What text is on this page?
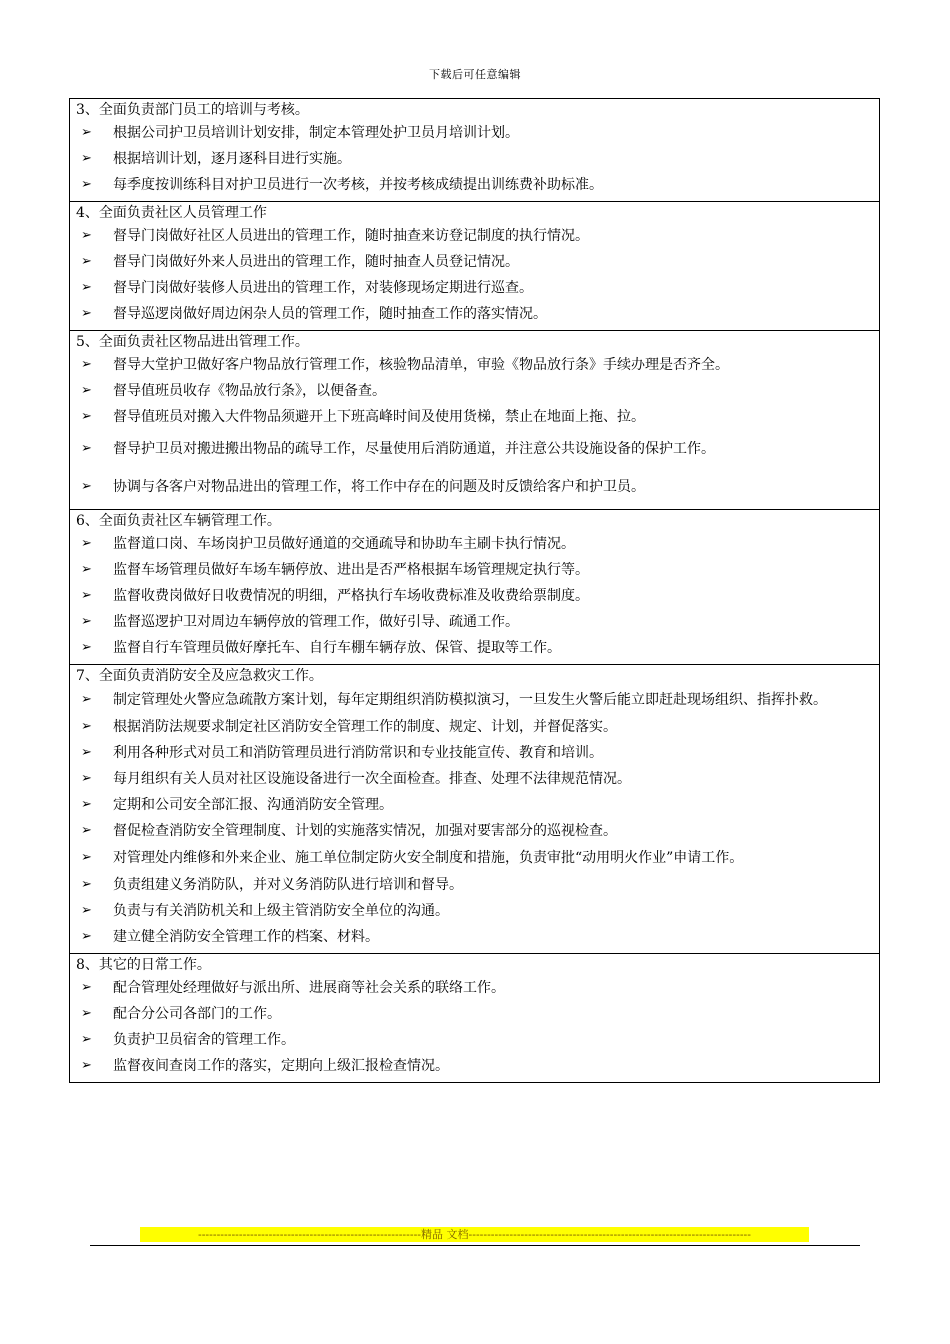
下载后可任意编辑
3、全面负责部门员工的培训与考核。
➢ 根据公司护卫员培训计划安排，制定本管理处护卫员月培训计划。
➢ 根据培训计划，逐月逐科目进行实施。
➢ 每季度按训练科目对护卫员进行一次考核，并按考核成绩提出训练费补助标准。
4、全面负责社区人员管理工作
➢ 督导门岗做好社区人员进出的管理工作，随时抽查来访登记制度的执行情况。
➢ 督导门岗做好外来人员进出的管理工作，随时抽查人员登记情况。
➢ 督导门岗做好装修人员进出的管理工作，对装修现场定期进行巡查。
➢ 督导巡逻岗做好周边闲杂人员的管理工作，随时抽查工作的落实情况。
5、全面负责社区物品进出管理工作。
➢ 督导大堂护卫做好客户物品放行管理工作，核验物品清单，审验《物品放行条》手续办理是否齐全。
➢ 督导值班员收存《物品放行条》，以便备查。
➢ 督导值班员对搬入大件物品须避开上下班高峰时间及使用货梯，禁止在地面上拖、拉。
➢ 督导护卫员对搬进搬出物品的疏导工作，尽量使用后消防通道，并注意公共设施设备的保护工作。
➢ 协调与各客户对物品进出的管理工作，将工作中存在的问题及时反馈给客户和护卫员。
6、全面负责社区车辆管理工作。
➢ 监督道口岗、车场岗护卫员做好通道的交通疏导和协助车主刷卡执行情况。
➢ 监督车场管理员做好车场车辆停放、进出是否严格根据车场管理规定执行等。
➢ 监督收费岗做好日收费情况的明细，严格执行车场收费标准及收费给票制度。
➢ 监督巡逻护卫对周边车辆停放的管理工作，做好引导、疏通工作。
➢ 监督自行车管理员做好摩托车、自行车棚车辆存放、保管、提取等工作。
7、全面负责消防安全及应急救灾工作。
➢ 制定管理处火警应急疏散方案计划，每年定期组织消防模拟演习，一旦发生火警后能立即赶赴现场组织、指挥扑救。
➢ 根据消防法规要求制定社区消防安全管理工作的制度、规定、计划，并督促落实。
➢ 利用各种形式对员工和消防管理员进行消防常识和专业技能宣传、教育和培训。
➢ 每月组织有关人员对社区设施设备进行一次全面检查。排查、处理不法律规范情况。
➢ 定期和公司安全部汇报、沟通消防安全管理。
➢ 督促检查消防安全管理制度、计划的实施落实情况，加强对要害部分的巡视检查。
➢ 对管理处内维修和外来企业、施工单位制定防火安全制度和措施，负责审批“动用明火作业”申请工作。
➢ 负责组建义务消防队，并对义务消防队进行培训和督导。
➢ 负责与有关消防机关和上级主管消防安全单位的沟通。
➢ 建立健全消防安全管理工作的档案、材料。
8、其它的日常工作。
➢ 配合管理处经理做好与派出所、进展商等社会关系的联络工作。
➢ 配合分公司各部门的工作。
➢ 负责护卫员宿舍的管理工作。
➢ 监督夜间查岗工作的落实，定期向上级汇报检查情况。
------------------------------------------------------------精品 文档----------------------------------------------------------------------------
